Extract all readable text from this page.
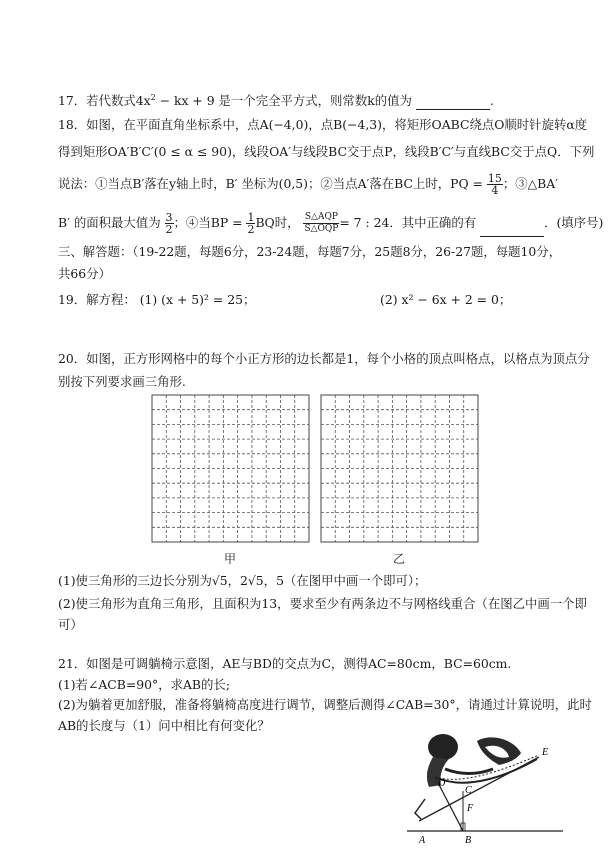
17．若代数式$4x^2$ − kx + 9 是一个完全平方式，则常数k的值为	.
18．如图，在平面直角坐标系中，点A(−4,0)，点B(−4,3)，将矩形OABC绕点O顺时针旋转α度
得到矩形OA′B′C′(0 ≤ α ≤ 90)，线段OA′与线段BC交于点P，线段B′C′与直线BC交于点Q．下列
说法：①当点B′落在y轴上时，B′ 坐标为(0,5)；②当点A′落在BC上时，PQ = $\frac{15}{4}$ ；③△BA′
B′ 的面积最大值为 $\frac{3}{2}$ ；④当BP = $\frac{1}{2}$ BQ时， $\frac{\text{S△AQP}}{\text{S△OQP}} = 7$ : 24．其中正确的有	．(填序号)
三、解答题：（19-22题，每题6分，23-24题，每题7分，25题8分，26-27题，每题10分，
共66分）
19．解方程： (1) (x + 5)² = 25；	(2) x² − 6x + 2 = 0；
20．如图，正方形网格中的每个小正方形的边长都是1，每个小格的顶点叫格点，以格点为顶点分
别按下列要求画三角形.
甲	乙
(1)使三角形的三边长分别为√5，2√5，5（在图甲中画一个即可）；
(2)使三角形为直角三角形，且面积为13，要求至少有两条边不与网格线重合（在图乙中画一个即
可）
21．如图是可调躺椅示意图，AE与BD的交点为C，测得AC=80cm，BC=60cm.
(1)若∠ACB=90°，求AB的长;
(2)为躺着更加舒服，准备将躺椅高度进行调节，调整后测得∠CAB=30°，请通过计算说明，此时
AB的长度与（1）问中相比有何变化？
D
C
F
E
A	B
